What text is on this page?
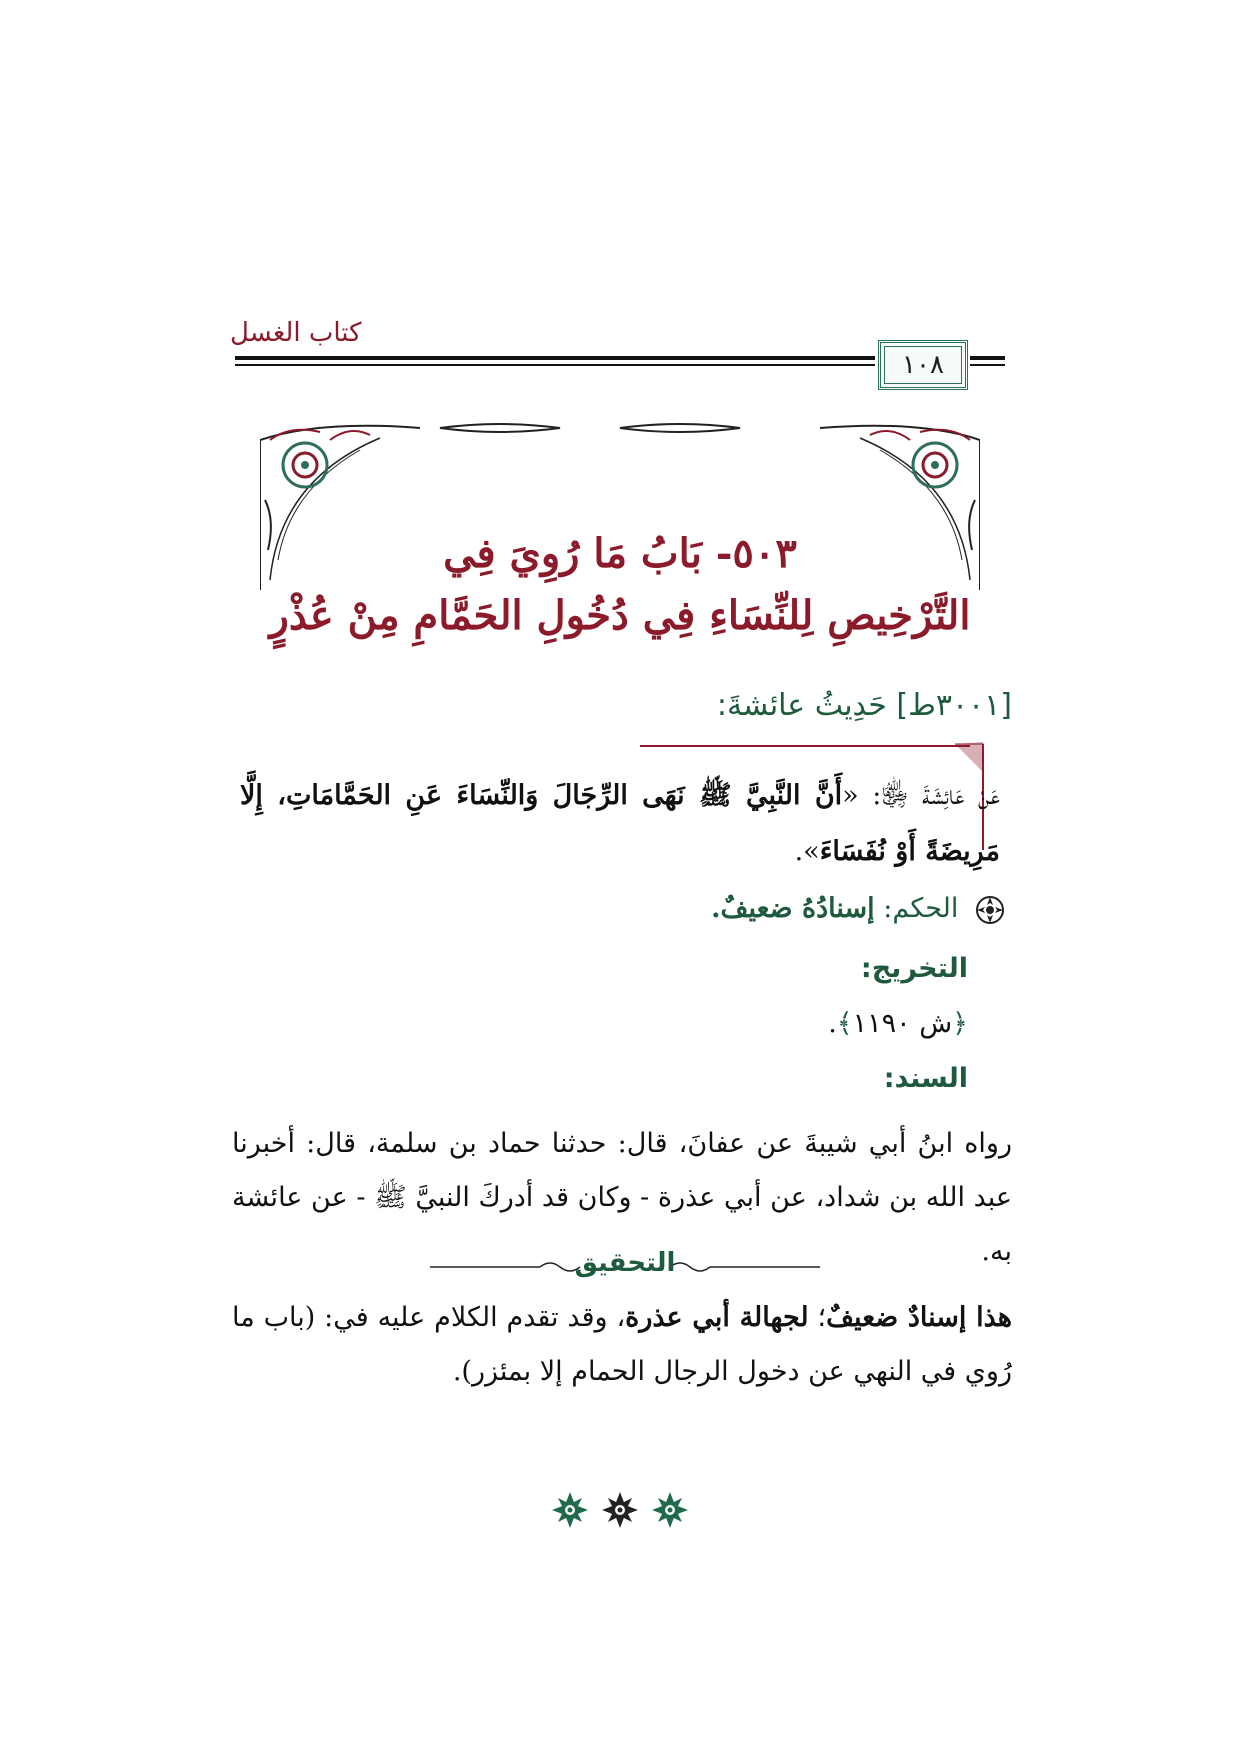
كتاب الغسل
١٠٨
٥٠٣- بَابُ مَا رُوِيَ فِي
التَّرْخِيصِ لِلنِّسَاءِ فِي دُخُولِ الحَمَّامِ مِنْ عُذْرٍ
[٣٠٠١ط] حَدِيثُ عائشةَ:
عَنْ عَائِشَةَ ﵂: «أَنَّ النَّبِيَّ ﷺ نَهَى الرِّجَالَ وَالنِّسَاءَ عَنِ الحَمَّامَاتِ، إِلَّا مَرِيضَةً أَوْ نُفَسَاءَ».
الحكم: إسنادُهُ ضعيفٌ.
التخريج:
﴿ش ١١٩٠﴾.
السند:
رواه ابنُ أبي شيبةَ عن عفانَ، قال: حدثنا حماد بن سلمة، قال: أخبرنا عبد الله بن شداد، عن أبي عذرة - وكان قد أدركَ النبيَّ ﷺ - عن عائشة به.
التحقيق
هذا إسنادٌ ضعيفٌ؛ لجهالة أبي عذرة، وقد تقدم الكلام عليه في: (باب ما رُوي في النهي عن دخول الرجال الحمام إلا بمئزر).
